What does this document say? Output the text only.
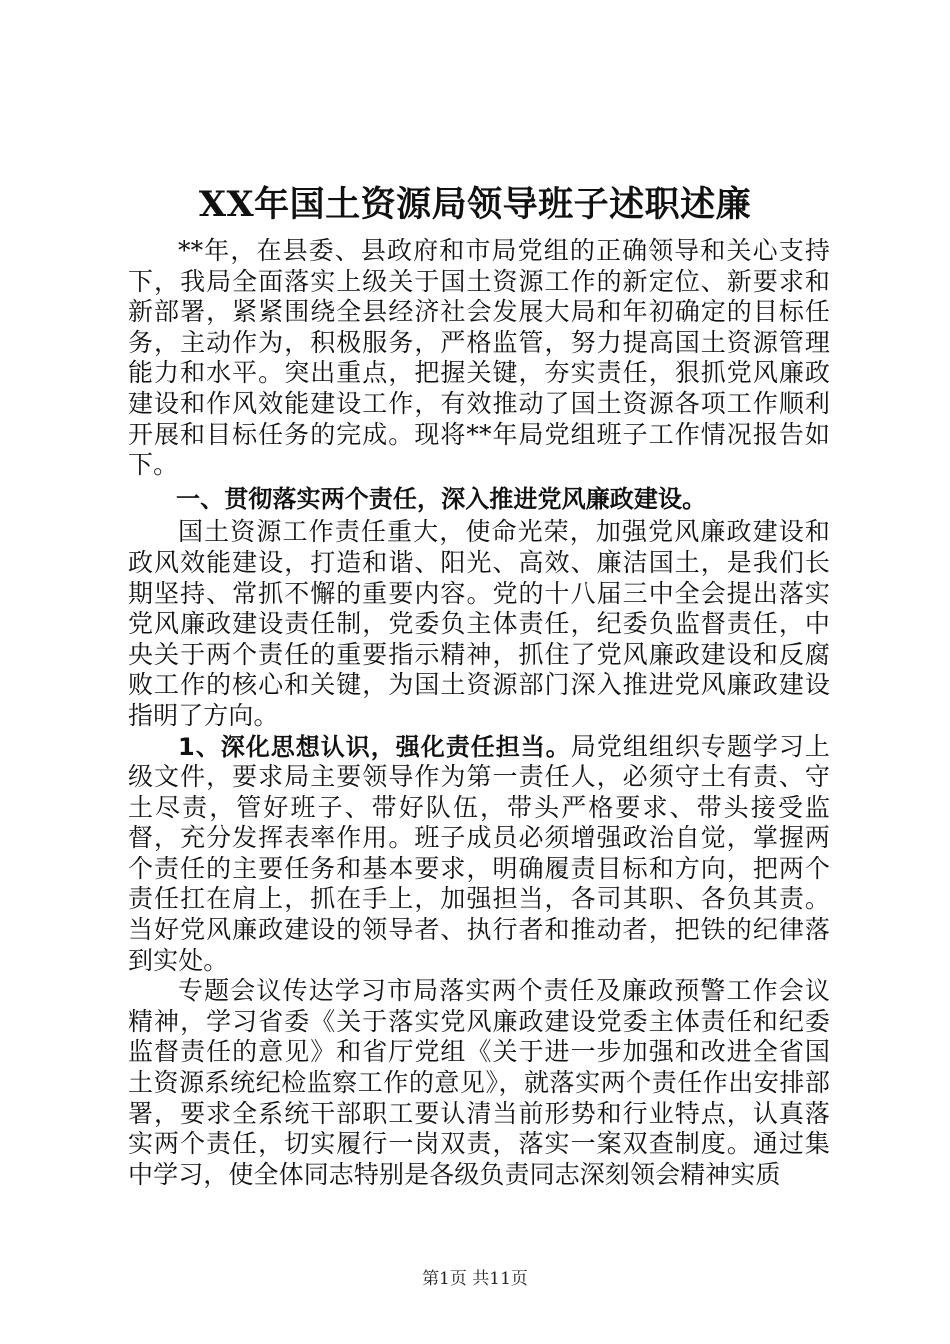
XX年国土资源局领导班子述职述廉

**年，在县委、县政府和市局党组的正确领导和关心支持下，我局全面落实上级关于国土资源工作的新定位、新要求和新部署，紧紧围绕全县经济社会发展大局和年初确定的目标任务，主动作为，积极服务，严格监管，努力提高国土资源管理能力和水平。突出重点，把握关键，夯实责任，狠抓党风廉政建设和作风效能建设工作，有效推动了国土资源各项工作顺利开展和目标任务的完成。现将**年局党组班子工作情况报告如下。

一、贯彻落实两个责任，深入推进党风廉政建设。

国土资源工作责任重大，使命光荣，加强党风廉政建设和政风效能建设，打造和谐、阳光、高效、廉洁国土，是我们长期坚持、常抓不懈的重要内容。党的十八届三中全会提出落实党风廉政建设责任制，党委负主体责任，纪委负监督责任，中央关于两个责任的重要指示精神，抓住了党风廉政建设和反腐败工作的核心和关键，为国土资源部门深入推进党风廉政建设指明了方向。

1、深化思想认识，强化责任担当。局党组组织专题学习上级文件，要求局主要领导作为第一责任人，必须守土有责、守土尽责，管好班子、带好队伍，带头严格要求、带头接受监督，充分发挥表率作用。班子成员必须增强政治自觉，掌握两个责任的主要任务和基本要求，明确履责目标和方向，把两个责任扛在肩上，抓在手上，加强担当，各司其职、各负其责。当好党风廉政建设的领导者、执行者和推动者，把铁的纪律落到实处。

专题会议传达学习市局落实两个责任及廉政预警工作会议精神，学习省委《关于落实党风廉政建设党委主体责任和纪委监督责任的意见》和省厅党组《关于进一步加强和改进全省国土资源系统纪检监察工作的意见》，就落实两个责任作出安排部署，要求全系统干部职工要认清当前形势和行业特点，认真落实两个责任，切实履行一岗双责，落实一案双查制度。通过集中学习，使全体同志特别是各级负责同志深刻领会精神实质

第1页 共11页
